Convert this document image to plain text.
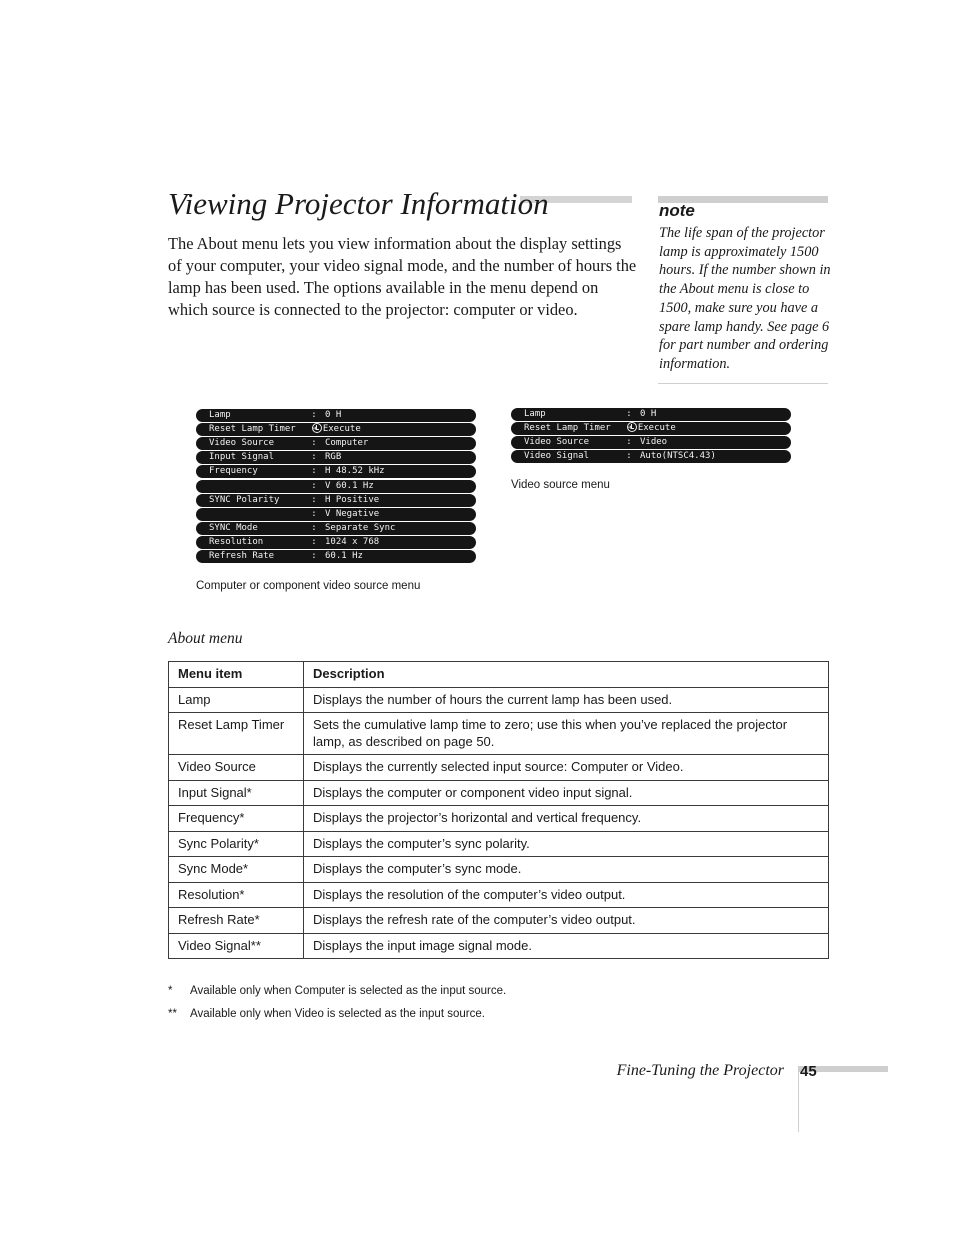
Viewing Projector Information

The About menu lets you view information about the display settings of your computer, your video signal mode, and the number of hours the lamp has been used. The options available in the menu depend on which source is connected to the projector: computer or video.

note

The life span of the projector lamp is approximately 1500 hours. If the number shown in the About menu is close to 1500, make sure you have a spare lamp handy. See page 6 for part number and ordering information.

Lamp	: 0 H
Reset Lamp Timer ➔ Execute
Video Source	: Computer
Input Signal	: RGB
Frequency	: H 48.52 kHz
: V 60.1 Hz
SYNC Polarity	: H Positive
: V Negative
SYNC Mode	: Separate Sync
Resolution	: 1024 x 768
Refresh Rate	: 60.1 Hz

Computer or component video source menu

Lamp	: 0 H
Reset Lamp Timer ➔ Execute
Video Source	: Video
Video Signal	: Auto(NTSC4.43)

Video source menu

About menu

Menu item	Description
Lamp	Displays the number of hours the current lamp has been used.
Reset Lamp Timer	Sets the cumulative lamp time to zero; use this when you’ve replaced the projector lamp, as described on page 50.
Video Source	Displays the currently selected input source: Computer or Video.
Input Signal*	Displays the computer or component video input signal.
Frequency*	Displays the projector’s horizontal and vertical frequency.
Sync Polarity*	Displays the computer’s sync polarity.
Sync Mode*	Displays the computer’s sync mode.
Resolution*	Displays the resolution of the computer’s video output.
Refresh Rate*	Displays the refresh rate of the computer’s video output.
Video Signal**	Displays the input image signal mode.

* Available only when Computer is selected as the input source.

** Available only when Video is selected as the input source.

Fine-Tuning the Projector 45
